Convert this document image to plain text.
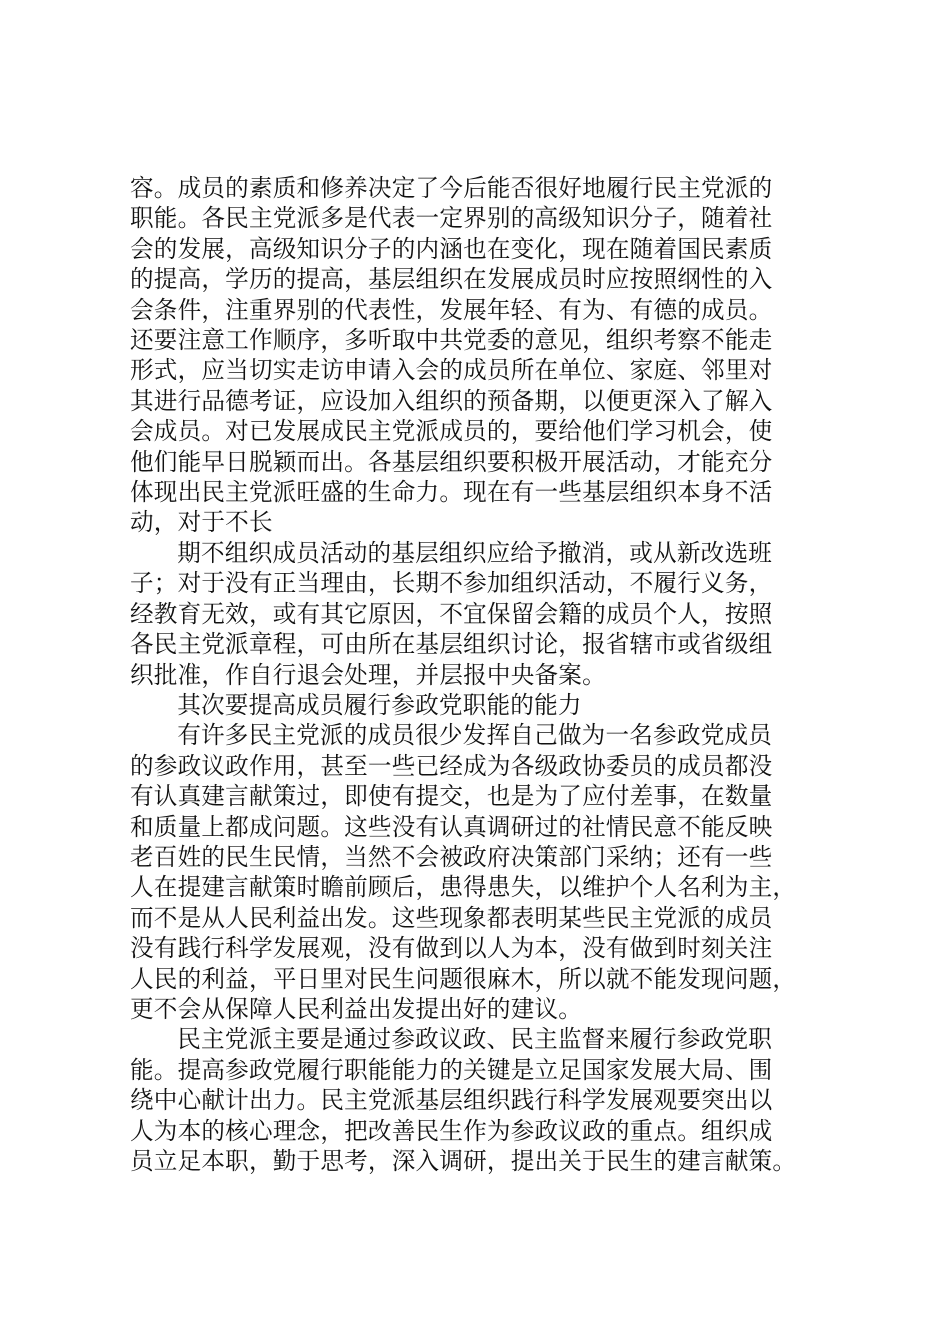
容。成员的素质和修养决定了今后能否很好地履行民主党派的
职能。各民主党派多是代表一定界别的高级知识分子，随着社
会的发展，高级知识分子的内涵也在变化，现在随着国民素质
的提高，学历的提高，基层组织在发展成员时应按照纲性的入
会条件，注重界别的代表性，发展年轻、有为、有德的成员。
还要注意工作顺序，多听取中共党委的意见，组织考察不能走
形式，应当切实走访申请入会的成员所在单位、家庭、邻里对
其进行品德考证，应设加入组织的预备期，以便更深入了解入
会成员。对已发展成民主党派成员的，要给他们学习机会，使
他们能早日脱颖而出。各基层组织要积极开展活动，才能充分
体现出民主党派旺盛的生命力。现在有一些基层组织本身不活
动，对于不长

期不组织成员活动的基层组织应给予撤消，或从新改选班
子；对于没有正当理由，长期不参加组织活动，不履行义务，
经教育无效，或有其它原因，不宜保留会籍的成员个人，按照
各民主党派章程，可由所在基层组织讨论，报省辖市或省级组
织批准，作自行退会处理，并层报中央备案。

其次要提高成员履行参政党职能的能力

有许多民主党派的成员很少发挥自己做为一名参政党成员
的参政议政作用，甚至一些已经成为各级政协委员的成员都没
有认真建言献策过，即使有提交，也是为了应付差事，在数量
和质量上都成问题。这些没有认真调研过的社情民意不能反映
老百姓的民生民情，当然不会被政府决策部门采纳；还有一些
人在提建言献策时瞻前顾后，患得患失，以维护个人名利为主，
而不是从人民利益出发。这些现象都表明某些民主党派的成员
没有践行科学发展观，没有做到以人为本，没有做到时刻关注
人民的利益，平日里对民生问题很麻木，所以就不能发现问题，
更不会从保障人民利益出发提出好的建议。

民主党派主要是通过参政议政、民主监督来履行参政党职
能。提高参政党履行职能能力的关键是立足国家发展大局、围
绕中心献计出力。民主党派基层组织践行科学发展观要突出以
人为本的核心理念，把改善民生作为参政议政的重点。组织成
员立足本职，勤于思考，深入调研，提出关于民生的建言献策。
